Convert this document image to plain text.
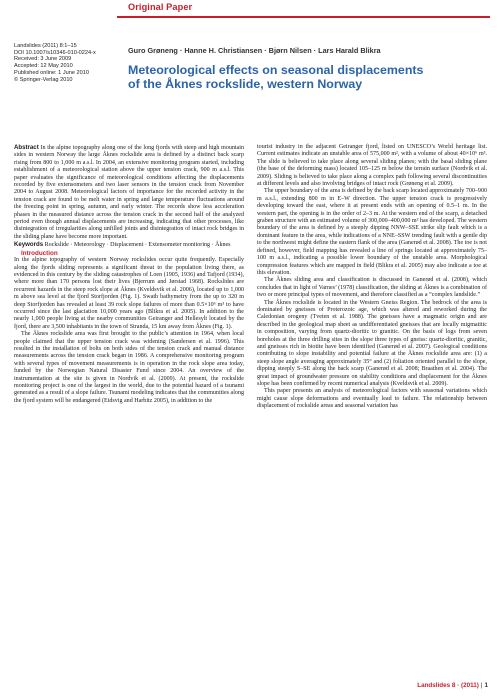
Original Paper
Landslides (2011) 8:1–15
DOI 10.1007/s10346-010-0224-x
Received: 3 June 2009
Accepted: 12 May 2010
Published online: 1 June 2010
© Springer-Verlag 2010
Guro Grøneng · Hanne H. Christiansen · Bjørn Nilsen · Lars Harald Blikra
Meteorological effects on seasonal displacements
of the Åknes rockslide, western Norway

Abstract In the alpine topography along one of the long fjords with steep and high mountain sides in western Norway the large Åknes rockslide area is defined by a distinct back scarp rising from 800 to 1,000 m a.s.l. In 2004, an extensive monitoring program started, including establishment of a meteorological station above the upper tension crack, 900 m a.s.l. This paper evaluates the significance of meteorological conditions affecting the displacements recorded by five extensometers and two laser sensors in the tension crack from November 2004 to August 2008. Meteorological factors of importance for the recorded activity in the tension crack are found to be melt water in spring and large temperature fluctuations around the freezing point in spring, autumn, and early winter. The records show less acceleration phases in the measured distance across the tension crack in the second half of the analyzed period even though annual displacements are increasing, indicating that other processes, like disintegration of irregularities along unfilled joints and disintegration of intact rock bridges in the sliding plane have become more important.

Keywords Rockslide · Meteorology · Displacement · Extensometer monitoring · Åknes

Introduction

In the alpine topography of western Norway rockslides occur quite frequently. Especially along the fjords sliding represents a significant threat to the population living there, as evidenced in this century by the sliding catastrophes of Loen (1905, 1936) and Tafjord (1934), where more than 170 persons lost their lives (Bjerrum and Jørstad 1968). Rockslides are recurrent hazards in the steep rock slope at Åknes (Kveldsvik et al. 2006), located up to 1,000 m above sea level at the fjord Storfjorden (Fig. 1). Swath bathymetry from the up to 320 m deep Storfjorden has revealed at least 39 rock slope failures of more than 0.5×10⁶ m³ to have occurred since the last glaciation 10,000 years ago (Blikra et al. 2005). In addition to the nearly 1,000 people living at the nearby communities Geiranger and Hellesylt located by the fjord, there are 3,500 inhabitants in the town of Stranda, 15 km away from Åknes (Fig. 1).

The Åknes rockslide area was first brought to the public’s attention in 1964, when local people claimed that the upper tension crack was widening (Sandersen et al. 1996). This resulted in the installation of bolts on both sides of the tension crack and manual distance measurements across the tension crack began in 1986. A comprehensive monitoring program with several types of movement measurements is in operation in the rock slope area today, funded by the Norwegian Natural Disaster Fund since 2004. An overview of the instrumentation at the site is given in Nordvik et al. (2009). At present, the rockslide monitoring project is one of the largest in the world, due to the potential hazard of a tsunami generated as a result of a slope failure. Tsunami modeling indicates that the communities along the fjord system will be endangered (Eidsvig and Harbitz 2005), in addition to the

tourist industry in the adjacent Geiranger fjord, listed on UNESCO’s World heritage list. Current estimates indicate an unstable area of 575,000 m², with a volume of about 40×10⁶ m³. The slide is believed to take place along several sliding planes; with the basal sliding plane (the base of the deforming mass) located 105–125 m below the terrain surface (Nordvik et al. 2009). Sliding is believed to take place along a complex path following several discontinuities at different levels and also involving bridges of intact rock (Grøneng et al. 2009).

The upper boundary of the area is defined by the back scarp located approximately 700–900 m a.s.l., extending 800 m in E–W direction. The upper tension crack is progressively developing toward the east, where it at present ends with an opening of 0.5–1 m. In the western part, the opening is in the order of 2–3 m. At the western end of the scarp, a detached graben structure with an estimated volume of 300,000–400,000 m³ has developed. The western boundary of the area is defined by a steeply dipping NNW–SSE strike slip fault which is a dominant feature in the area, while indications of a NNE–SSW trending fault with a gentle dip to the northwest might define the eastern flank of the area (Ganerød et al. 2008). The toe is not defined, however, field mapping has revealed a line of springs located at approximately 75–100 m a.s.l., indicating a possible lower boundary of the unstable area. Morphological compression features which are mapped in field (Blikra et al. 2005) may also indicate a toe at this elevation.

The Åknes sliding area and classification is discussed in Ganerød et al. (2008), which concludes that in light of Varnes’ (1978) classification, the sliding at Åknes is a combination of two or more principal types of movement, and therefore classified as a “complex landslide.”

The Åknes rockslide is located in the Western Gneiss Region. The bedrock of the area is dominated by gneisses of Proterozoic age, which was altered and reworked during the Caledonian orogeny (Tveten et al. 1988). The gneisses have a magmatic origin and are described in the geological map sheet as undifferentiated gneisses that are locally migmatitic in composition, varying from quartz-dioritic to granitic. On the basis of logs from seven boreholes at the three drilling sites in the slope three types of gneiss: quartz-dioritic, granitic, and gneisses rich in biotite have been identified (Ganerød et al. 2007). Geological conditions contributing to slope instability and potential failure at the Åknes rockslide area are: (1) a steep slope angle averaging approximately 35° and (2) foliation oriented parallel to the slope, dipping steeply S–SE along the back scarp (Ganerød et al. 2008; Braathen et al. 2004). The great impact of groundwater pressure on stability conditions and displacement for the Åknes slope has been confirmed by recent numerical analysis (Kveldsvik et al. 2009).

This paper presents an analysis of meteorological factors with seasonal variations which might cause slope deformations and eventually lead to failure. The relationship between displacement of rockslide areas and seasonal variation has

Landslides 8 · (2011) | 1
